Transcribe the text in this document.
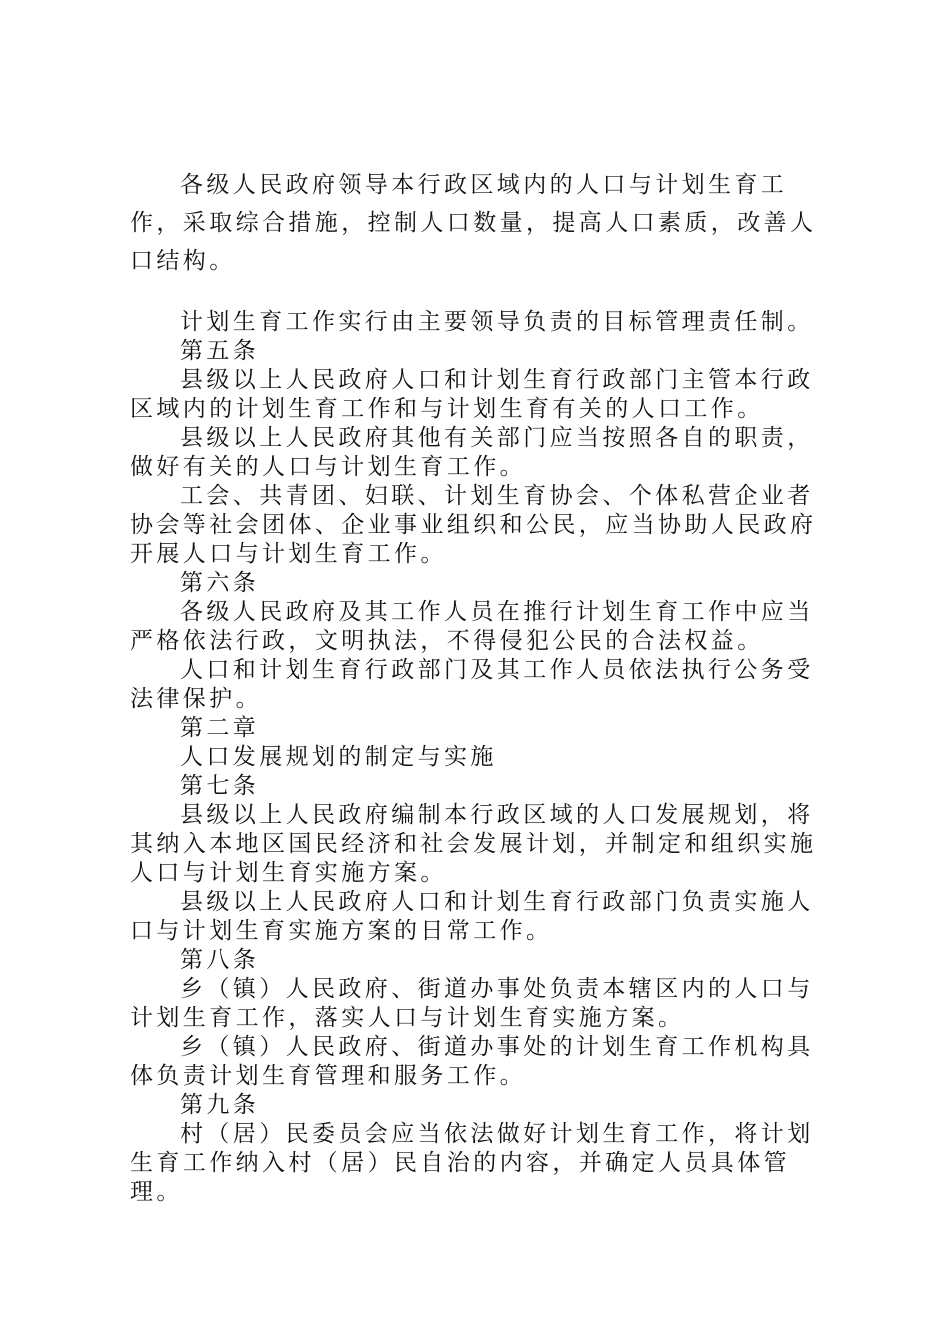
各级人民政府领导本行政区域内的人口与计划生育工作，采取综合措施，控制人口数量，提高人口素质，改善人口结构。

计划生育工作实行由主要领导负责的目标管理责任制。

第五条

县级以上人民政府人口和计划生育行政部门主管本行政区域内的计划生育工作和与计划生育有关的人口工作。

县级以上人民政府其他有关部门应当按照各自的职责，做好有关的人口与计划生育工作。

工会、共青团、妇联、计划生育协会、个体私营企业者协会等社会团体、企业事业组织和公民，应当协助人民政府开展人口与计划生育工作。

第六条

各级人民政府及其工作人员在推行计划生育工作中应当严格依法行政，文明执法，不得侵犯公民的合法权益。

人口和计划生育行政部门及其工作人员依法执行公务受法律保护。

第二章

人口发展规划的制定与实施

第七条

县级以上人民政府编制本行政区域的人口发展规划，将其纳入本地区国民经济和社会发展计划，并制定和组织实施人口与计划生育实施方案。

县级以上人民政府人口和计划生育行政部门负责实施人口与计划生育实施方案的日常工作。

第八条

乡（镇）人民政府、街道办事处负责本辖区内的人口与计划生育工作，落实人口与计划生育实施方案。

乡（镇）人民政府、街道办事处的计划生育工作机构具体负责计划生育管理和服务工作。

第九条

村（居）民委员会应当依法做好计划生育工作，将计划生育工作纳入村（居）民自治的内容，并确定人员具体管理。
